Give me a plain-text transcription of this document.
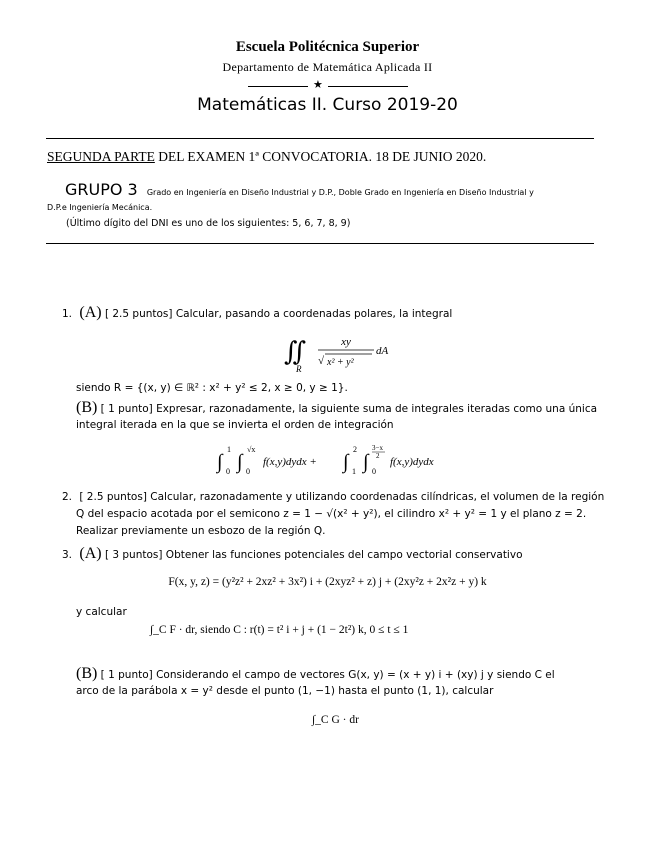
Escuela Politécnica Superior
Departamento de Matemática Aplicada II
★
Matemáticas II. Curso 2019-20
SEGUNDA PARTE DEL EXAMEN 1ª CONVOCATORIA. 18 DE JUNIO 2020.
GRUPO 3 Grado en Ingeniería en Diseño Industrial y D.P., Doble Grado en Ingeniería en Diseño Industrial y
D.P.e Ingeniería Mecánica.
(Último dígito del DNI es uno de los siguientes: 5, 6, 7, 8, 9)
1. (A) [ 2.5 puntos] Calcular, pasando a coordenadas polares, la integral
∬
R
xy
√ x² + y²
dA
siendo R = {(x, y) ∈ ℝ² : x² + y² ≤ 2, x ≥ 0, y ≥ 1}.
(B) [ 1 punto] Expresar, razonadamente, la siguiente suma de integrales iteradas como una única
integral iterada en la que se invierta el orden de integración
∫
1
0 ∫
√x
0
f(x,y)dydx + ∫
2
1 ∫
3−x
2
0
f(x,y)dydx
2. [ 2.5 puntos] Calcular, razonadamente y utilizando coordenadas cilíndricas, el volumen de la región
Q del espacio acotada por el semicono z = 1 − √(x² + y²), el cilindro x² + y² = 1 y el plano z = 2.
Realizar previamente un esbozo de la región Q.
3. (A) [ 3 puntos] Obtener las funciones potenciales del campo vectorial conservativo
F(x, y, z) = (y²z² + 2xz² + 3x²) i + (2xyz² + z) j + (2xy²z + 2x²z + y) k
y calcular
∫_C F · dr, siendo C : r(t) = t² i + j + (1 − 2t²) k, 0 ≤ t ≤ 1
(B) [ 1 punto] Considerando el campo de vectores G(x, y) = (x + y) i + (xy) j y siendo C el
arco de la parábola x = y² desde el punto (1, −1) hasta el punto (1, 1), calcular
∫_C G · dr
